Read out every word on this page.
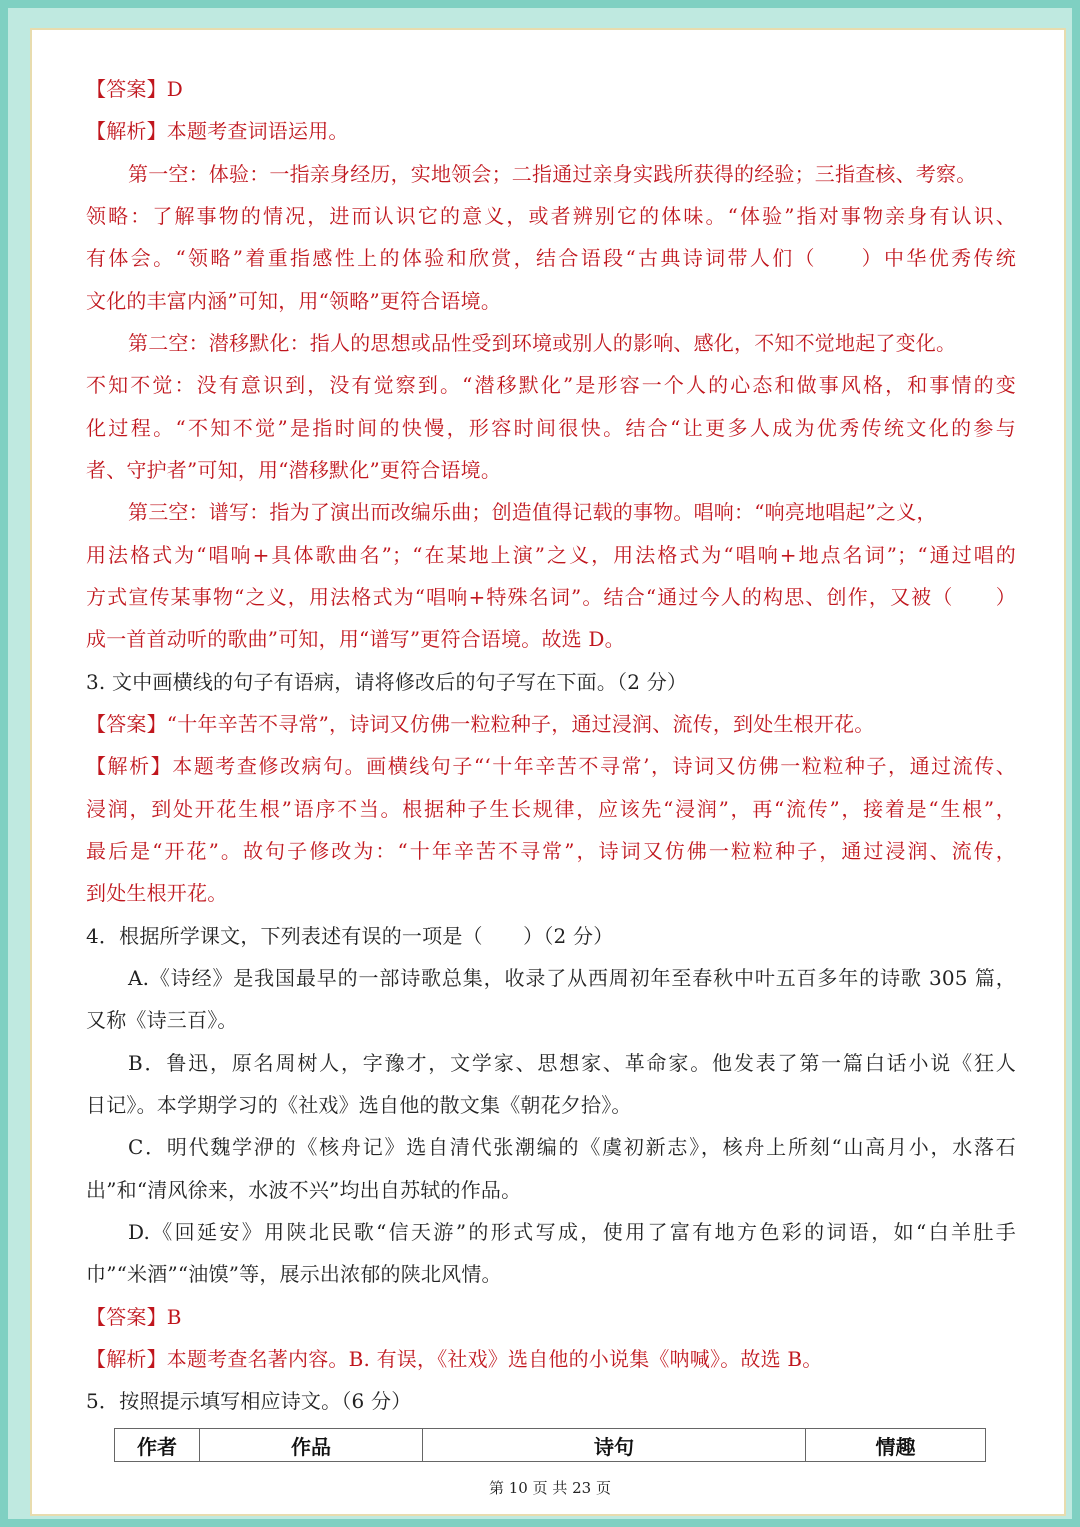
【答案】D
【解析】本题考查词语运用。
第一空：体验：一指亲身经历，实地领会；二指通过亲身实践所获得的经验；三指查核、考察。
领略：了解事物的情况，进而认识它的意义，或者辨别它的体味。“体验”指对事物亲身有认识、
有体会。“领略”着重指感性上的体验和欣赏，结合语段“古典诗词带人们（　　）中华优秀传统
文化的丰富内涵”可知，用“领略”更符合语境。
第二空：潜移默化：指人的思想或品性受到环境或别人的影响、感化，不知不觉地起了变化。
不知不觉：没有意识到，没有觉察到。“潜移默化”是形容一个人的心态和做事风格，和事情的变
化过程。“不知不觉”是指时间的快慢，形容时间很快。结合“让更多人成为优秀传统文化的参与
者、守护者”可知，用“潜移默化”更符合语境。
第三空：谱写：指为了演出而改编乐曲；创造值得记载的事物。唱响：“响亮地唱起”之义，
用法格式为“唱响+具体歌曲名”；“在某地上演”之义，用法格式为“唱响+地点名词”；“通过唱的
方式宣传某事物“之义，用法格式为“唱响+特殊名词”。结合“通过今人的构思、创作，又被（　　）
成一首首动听的歌曲”可知，用“谱写”更符合语境。故选 D。
3. 文中画横线的句子有语病，请将修改后的句子写在下面。（2 分）
【答案】“十年辛苦不寻常”，诗词又仿佛一粒粒种子，通过浸润、流传，到处生根开花。
【解析】本题考查修改病句。画横线句子“‘十年辛苦不寻常’，诗词又仿佛一粒粒种子，通过流传、
浸润，到处开花生根”语序不当。根据种子生长规律，应该先“浸润”，再“流传”，接着是“生根”，
最后是“开花”。故句子修改为：“十年辛苦不寻常”，诗词又仿佛一粒粒种子，通过浸润、流传，
到处生根开花。
4．根据所学课文，下列表述有误的一项是（　　）（2 分）
A.《诗经》是我国最早的一部诗歌总集，收录了从西周初年至春秋中叶五百多年的诗歌 305 篇，
又称《诗三百》。
B．鲁迅，原名周树人，字豫才，文学家、思想家、革命家。他发表了第一篇白话小说《狂人
日记》。本学期学习的《社戏》选自他的散文集《朝花夕拾》。
C．明代魏学洢的《核舟记》选自清代张潮编的《虞初新志》，核舟上所刻“山高月小，水落石
出”和“清风徐来，水波不兴”均出自苏轼的作品。
D.《回延安》用陕北民歌“信天游”的形式写成，使用了富有地方色彩的词语，如“白羊肚手
巾”“米酒”“油馍”等，展示出浓郁的陕北风情。
【答案】B
【解析】本题考查名著内容。B. 有误，《社戏》选自他的小说集《呐喊》。故选 B。
5．按照提示填写相应诗文。（6 分）
作者	作品	诗句	情趣
第 10 页 共 23 页
